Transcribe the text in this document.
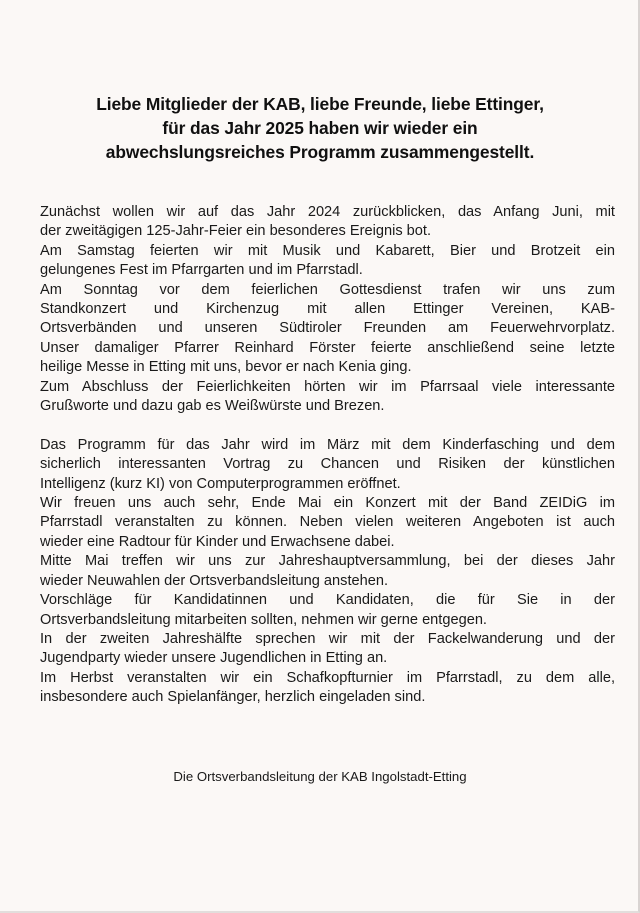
Liebe Mitglieder der KAB, liebe Freunde, liebe Ettinger,
für das Jahr 2025 haben wir wieder ein
abwechslungsreiches Programm zusammengestellt.
Zunächst wollen wir auf das Jahr 2024 zurückblicken, das Anfang Juni, mit
der zweitägigen 125-Jahr-Feier ein besonderes Ereignis bot.
Am Samstag feierten wir mit Musik und Kabarett, Bier und Brotzeit ein
gelungenes Fest im Pfarrgarten und im Pfarrstadl.
Am Sonntag vor dem feierlichen Gottesdienst trafen wir uns zum
Standkonzert und Kirchenzug mit allen Ettinger Vereinen, KAB-
Ortsverbänden und unseren Südtiroler Freunden am Feuerwehrvorplatz.
Unser damaliger Pfarrer Reinhard Förster feierte anschließend seine letzte
heilige Messe in Etting mit uns, bevor er nach Kenia ging.
Zum Abschluss der Feierlichkeiten hörten wir im Pfarrsaal viele interessante
Grußworte und dazu gab es Weißwürste und Brezen.
Das Programm für das Jahr wird im März mit dem Kinderfasching und dem
sicherlich interessanten Vortrag zu Chancen und Risiken der künstlichen
Intelligenz (kurz KI) von Computerprogrammen eröffnet.
Wir freuen uns auch sehr, Ende Mai ein Konzert mit der Band ZEIDiG im
Pfarrstadl veranstalten zu können. Neben vielen weiteren Angeboten ist auch
wieder eine Radtour für Kinder und Erwachsene dabei.
Mitte Mai treffen wir uns zur Jahreshauptversammlung, bei der dieses Jahr
wieder Neuwahlen der Ortsverbandsleitung anstehen.
Vorschläge für Kandidatinnen und Kandidaten, die für Sie in der
Ortsverbandsleitung mitarbeiten sollten, nehmen wir gerne entgegen.
In der zweiten Jahreshälfte sprechen wir mit der Fackelwanderung und der
Jugendparty wieder unsere Jugendlichen in Etting an.
Im Herbst veranstalten wir ein Schafkopfturnier im Pfarrstadl, zu dem alle,
insbesondere auch Spielanfänger, herzlich eingeladen sind.
Die Ortsverbandsleitung der KAB Ingolstadt-Etting
